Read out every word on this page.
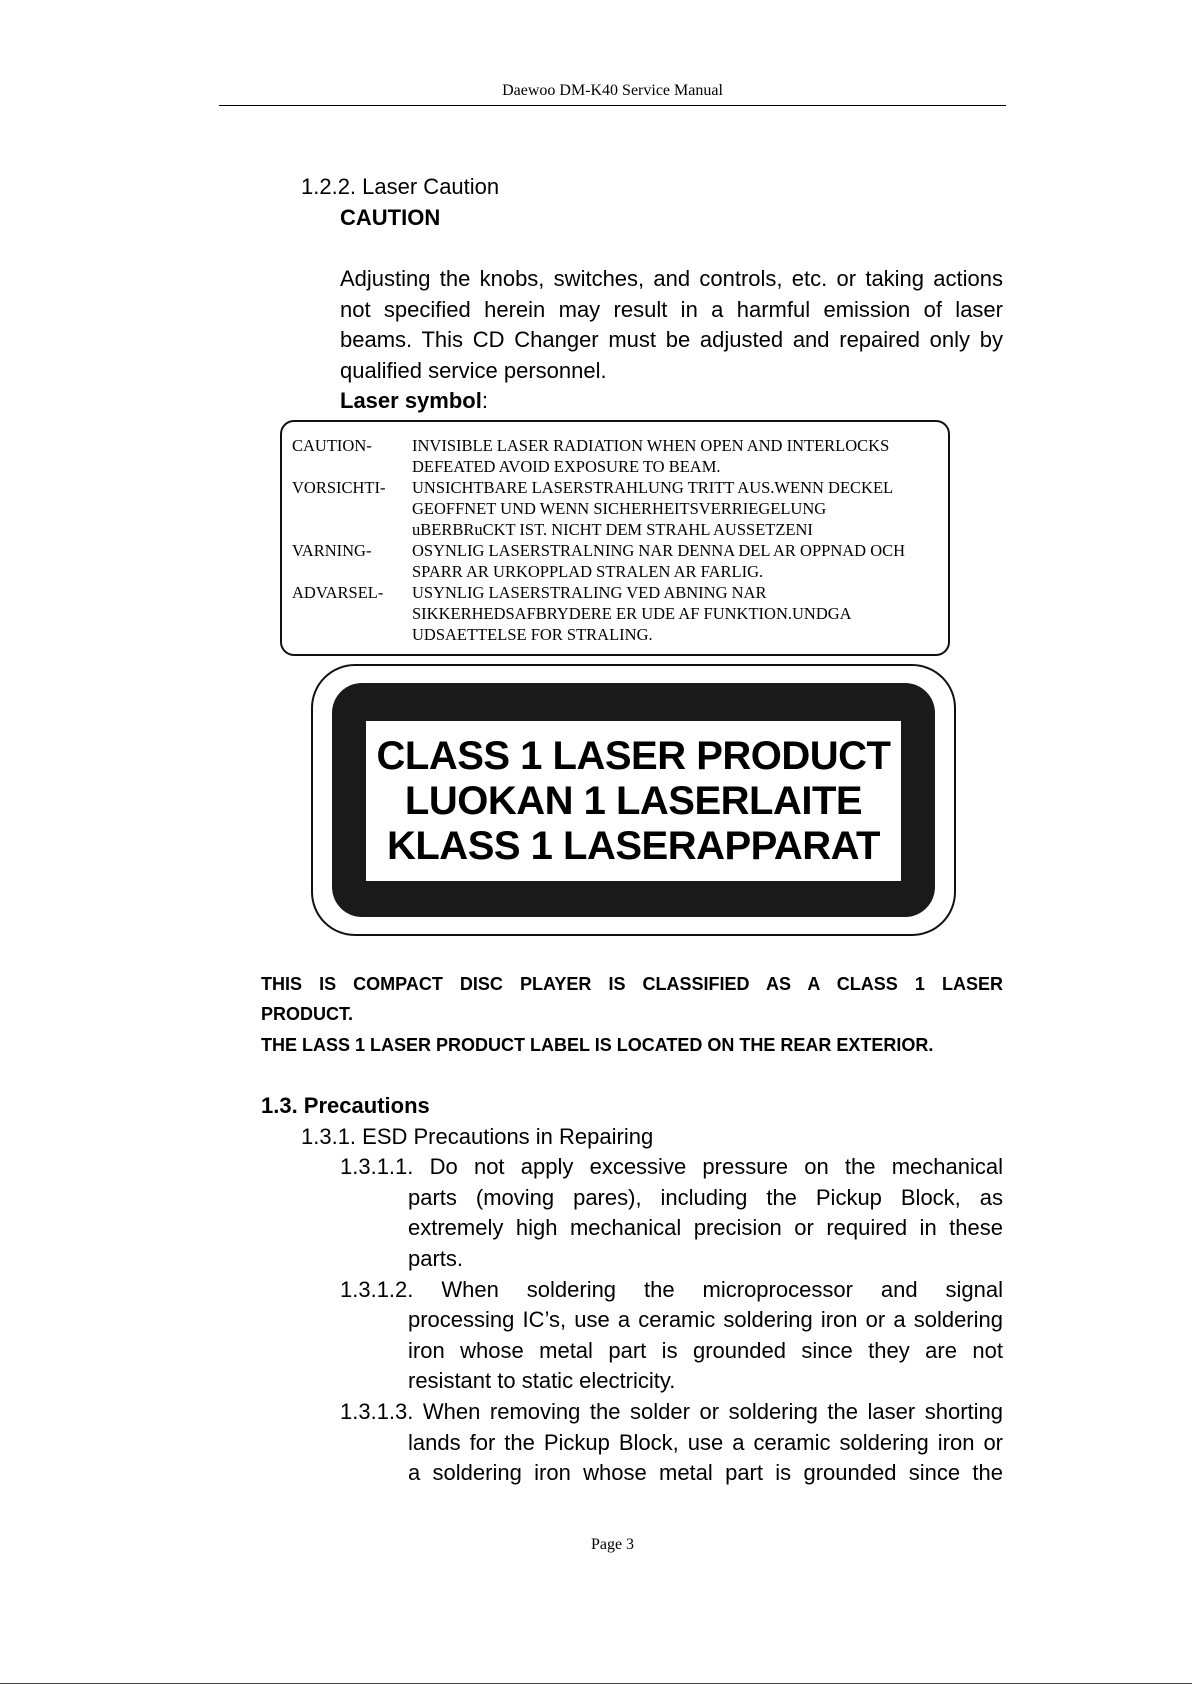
Daewoo DM-K40 Service Manual
1.2.2. Laser Caution
CAUTION
Adjusting the knobs, switches, and controls, etc. or taking actions
not specified herein may result in a harmful emission of laser
beams. This CD Changer must be adjusted and repaired only by
qualified service personnel.
Laser symbol:
CAUTION- INVISIBLE LASER RADIATION WHEN OPEN AND INTERLOCKS
DEFEATED AVOID EXPOSURE TO BEAM.
VORSICHTI- UNSICHTBARE LASERSTRAHLUNG TRITT AUS.WENN DECKEL
GEOFFNET UND WENN SICHERHEITSVERRIEGELUNG
uBERBRuCKT IST. NICHT DEM STRAHL AUSSETZENI
VARNING- OSYNLIG LASERSTRALNING NAR DENNA DEL AR OPPNAD OCH
SPARR AR URKOPPLAD STRALEN AR FARLIG.
ADVARSEL- USYNLIG LASERSTRALING VED ABNING NAR
SIKKERHEDSAFBRYDERE ER UDE AF FUNKTION.UNDGA
UDSAETTELSE FOR STRALING.
CLASS 1 LASER PRODUCT
LUOKAN 1 LASERLAITE
KLASS 1 LASERAPPARAT
THIS IS COMPACT DISC PLAYER IS CLASSIFIED AS A CLASS 1 LASER
PRODUCT.
THE LASS 1 LASER PRODUCT LABEL IS LOCATED ON THE REAR EXTERIOR.
1.3. Precautions
1.3.1. ESD Precautions in Repairing
1.3.1.1. Do not apply excessive pressure on the mechanical
parts (moving pares), including the Pickup Block, as
extremely high mechanical precision or required in these
parts.
1.3.1.2. When soldering the microprocessor and signal
processing IC’s, use a ceramic soldering iron or a soldering
iron whose metal part is grounded since they are not
resistant to static electricity.
1.3.1.3. When removing the solder or soldering the laser shorting
lands for the Pickup Block, use a ceramic soldering iron or
a soldering iron whose metal part is grounded since the
Page 3
